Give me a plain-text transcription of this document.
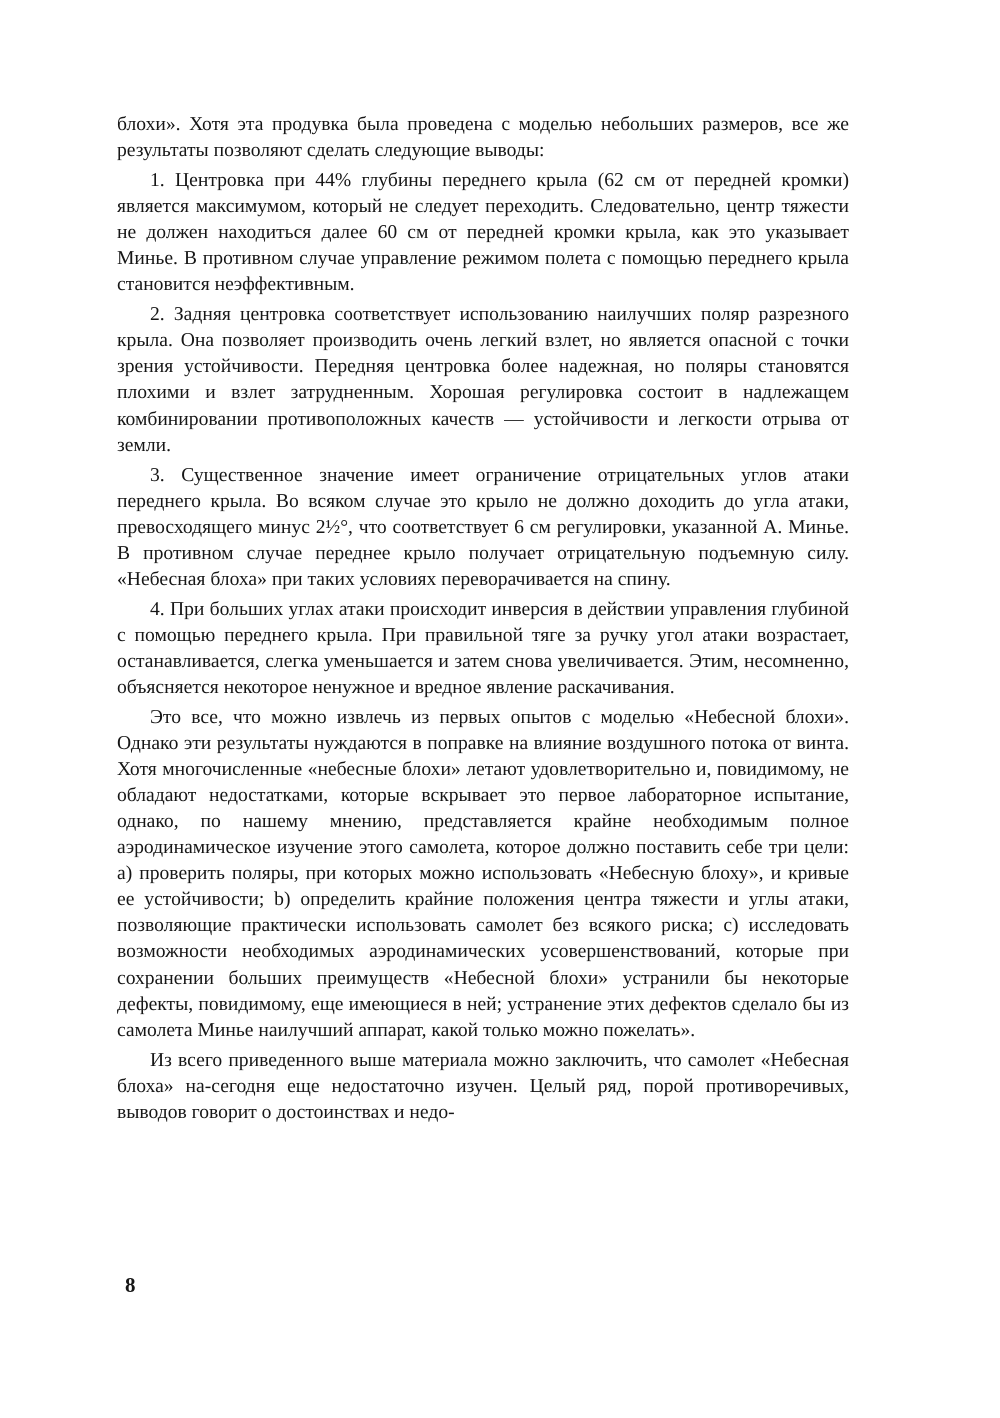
блохи». Хотя эта продувка была проведена с моделью небольших размеров, все же результаты позволяют сделать следующие выводы:

1. Центровка при 44% глубины переднего крыла (62 см от передней кромки) является максимумом, который не следует переходить. Следовательно, центр тяжести не должен находиться далее 60 см от передней кромки крыла, как это указывает Минье. В противном случае управление режимом полета с помощью переднего крыла становится неэффективным.

2. Задняя центровка соответствует использованию наилучших поляр разрезного крыла. Она позволяет производить очень легкий взлет, но является опасной с точки зрения устойчивости. Передняя центровка более надежная, но поляры становятся плохими и взлет затрудненным. Хорошая регулировка состоит в надлежащем комбинировании противоположных качеств — устойчивости и легкости отрыва от земли.

3. Существенное значение имеет ограничение отрицательных углов атаки переднего крыла. Во всяком случае это крыло не должно доходить до угла атаки, превосходящего минус 2½°, что соответствует 6 см регулировки, указанной А. Минье. В противном случае переднее крыло получает отрицательную подъемную силу. «Небесная блоха» при таких условиях переворачивается на спину.

4. При больших углах атаки происходит инверсия в действии управления глубиной с помощью переднего крыла. При правильной тяге за ручку угол атаки возрастает, останавливается, слегка уменьшается и затем снова увеличивается. Этим, несомненно, объясняется некоторое ненужное и вредное явление раскачивания.

Это все, что можно извлечь из первых опытов с моделью «Небесной блохи». Однако эти результаты нуждаются в поправке на влияние воздушного потока от винта. Хотя многочисленные «небесные блохи» летают удовлетворительно и, повидимому, не обладают недостатками, которые вскрывает это первое лабораторное испытание, однако, по нашему мнению, представляется крайне необходимым полное аэродинамическое изучение этого самолета, которое должно поставить себе три цели: a) проверить поляры, при которых можно использовать «Небесную блоху», и кривые ее устойчивости; b) определить крайние положения центра тяжести и углы атаки, позволяющие практически использовать самолет без всякого риска; c) исследовать возможности необходимых аэродинамических усовершенствований, которые при сохранении больших преимуществ «Небесной блохи» устранили бы некоторые дефекты, повидимому, еще имеющиеся в ней; устранение этих дефектов сделало бы из самолета Минье наилучший аппарат, какой только можно пожелать».

Из всего приведенного выше материала можно заключить, что самолет «Небесная блоха» на-сегодня еще недостаточно изучен. Целый ряд, порой противоречивых, выводов говорит о достоинствах и недо-

8
